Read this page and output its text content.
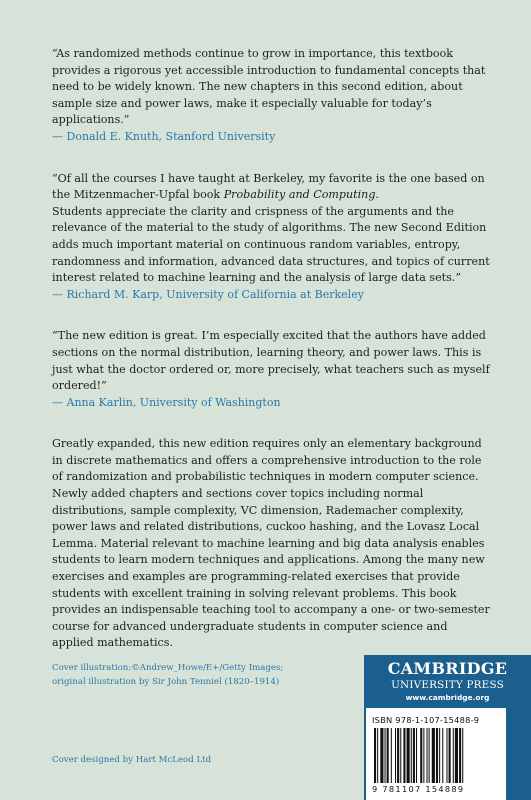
“As randomized methods continue to grow in importance, this textbook provides a rigorous yet accessible introduction to fundamental concepts that need to be widely known. The new chapters in this second edition, about sample size and power laws, make it especially valuable for today’s applications.”

— Donald E. Knuth, Stanford University

“Of all the courses I have taught at Berkeley, my favorite is the one based on the Mitzenmacher-Upfal book Probability and Computing.
Students appreciate the clarity and crispness of the arguments and the relevance of the material to the study of algorithms. The new Second Edition adds much important material on continuous random variables, entropy, randomness and information, advanced data structures, and topics of current interest related to machine learning and the analysis of large data sets.”

— Richard M. Karp, University of California at Berkeley

“The new edition is great. I’m especially excited that the authors have added sections on the normal distribution, learning theory, and power laws. This is just what the doctor ordered or, more precisely, what teachers such as myself ordered!”

— Anna Karlin, University of Washington

Greatly expanded, this new edition requires only an elementary background in discrete mathematics and offers a comprehensive introduction to the role of randomization and probabilistic techniques in modern computer science. Newly added chapters and sections cover topics including normal distributions, sample complexity, VC dimension, Rademacher complexity, power laws and related distributions, cuckoo hashing, and the Lovasz Local Lemma. Material relevant to machine learning and big data analysis enables students to learn modern techniques and applications. Among the many new exercises and examples are programming-related exercises that provide students with excellent training in solving relevant problems. This book provides an indispensable teaching tool to accompany a one- or two-semester course for advanced undergraduate students in computer science and applied mathematics.

Cover illustration:©Andrew_Howe/E+/Getty Images;
original illustration by Sir John Tenniel (1820–1914)
Cover designed by Hart McLeod Ltd
CAMBRIDGE
UNIVERSITY PRESS
www.cambridge.org
ISBN 978-1-107-15488-9
9 781107 154889
